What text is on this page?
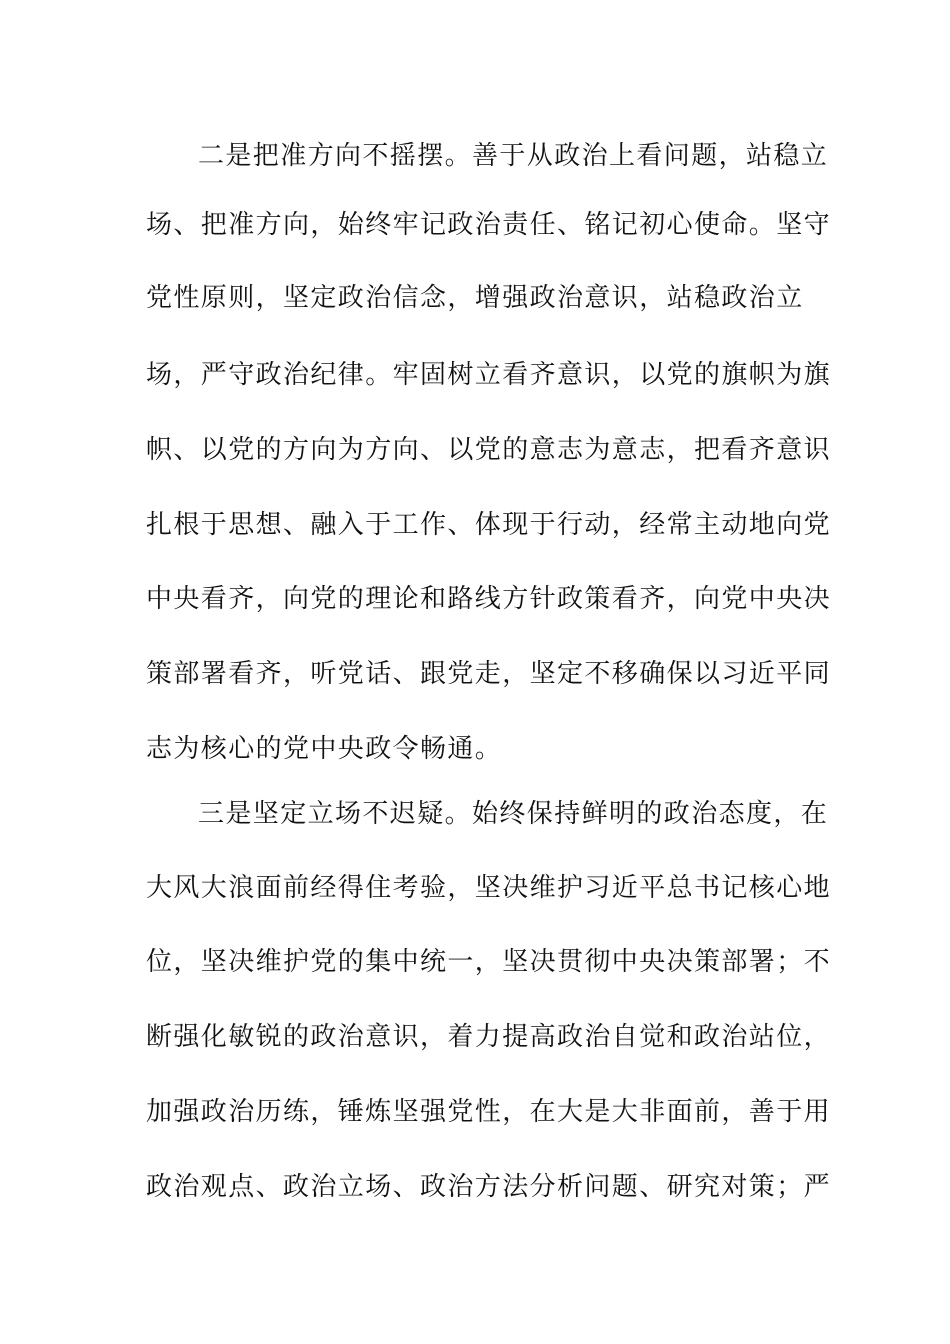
二是把准方向不摇摆。善于从政治上看问题，站稳立
场、把准方向，始终牢记政治责任、铭记初心使命。坚守
党性原则，坚定政治信念，增强政治意识，站稳政治立
场，严守政治纪律。牢固树立看齐意识，以党的旗帜为旗
帜、以党的方向为方向、以党的意志为意志，把看齐意识
扎根于思想、融入于工作、体现于行动，经常主动地向党
中央看齐，向党的理论和路线方针政策看齐，向党中央决
策部署看齐，听党话、跟党走，坚定不移确保以习近平同
志为核心的党中央政令畅通。
三是坚定立场不迟疑。始终保持鲜明的政治态度，在
大风大浪面前经得住考验，坚决维护习近平总书记核心地
位，坚决维护党的集中统一，坚决贯彻中央决策部署；不
断强化敏锐的政治意识，着力提高政治自觉和政治站位，
加强政治历练，锤炼坚强党性，在大是大非面前，善于用
政治观点、政治立场、政治方法分析问题、研究对策；严
